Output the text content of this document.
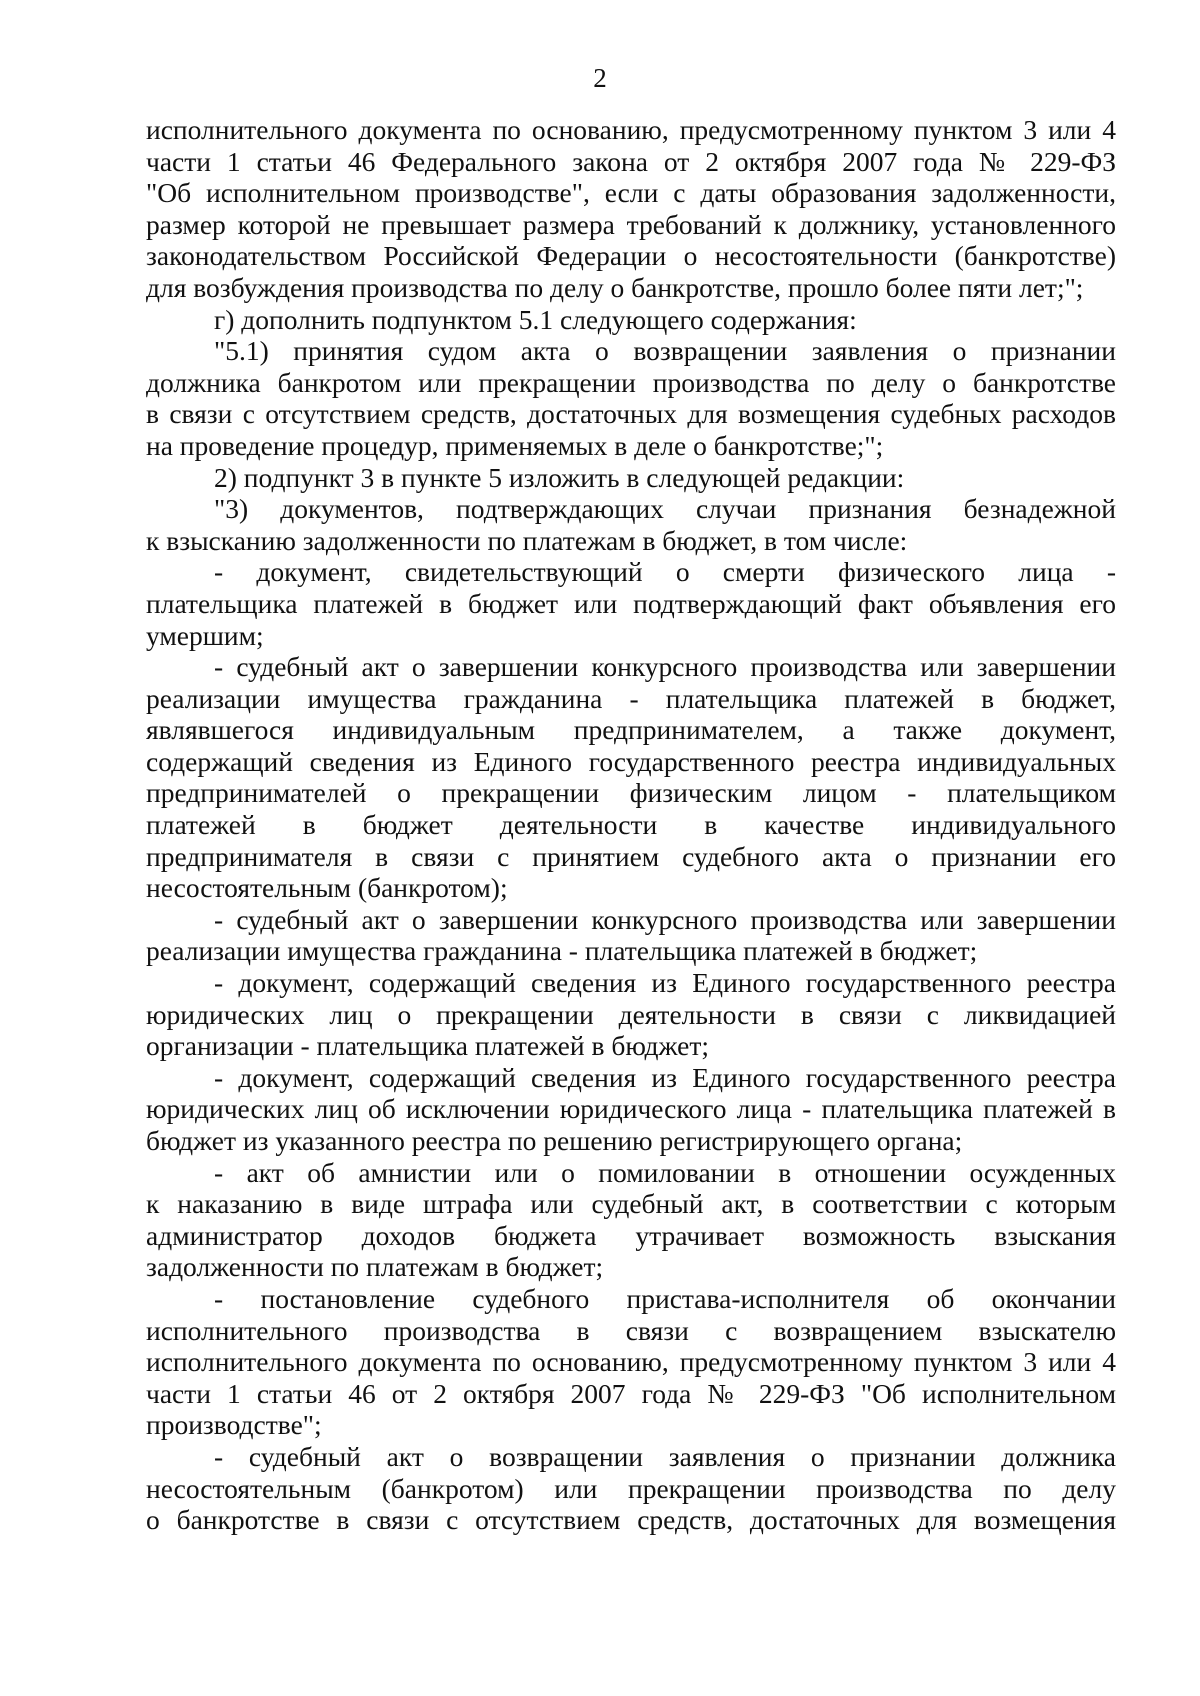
2
исполнительного документа по основанию, предусмотренному пунктом 3 или 4
части 1 статьи 46 Федерального закона от 2 октября 2007 года № 229-ФЗ
"Об исполнительном производстве", если с даты образования задолженности,
размер которой не превышает размера требований к должнику, установленного
законодательством Российской Федерации о несостоятельности (банкротстве)
для возбуждения производства по делу о банкротстве, прошло более пяти лет;";
г) дополнить подпунктом 5.1 следующего содержания:
"5.1) принятия судом акта о возвращении заявления о признании
должника банкротом или прекращении производства по делу о банкротстве
в связи с отсутствием средств, достаточных для возмещения судебных расходов
на проведение процедур, применяемых в деле о банкротстве;";
2) подпункт 3 в пункте 5 изложить в следующей редакции:
"3) документов, подтверждающих случаи признания безнадежной
к взысканию задолженности по платежам в бюджет, в том числе:
- документ, свидетельствующий о смерти физического лица -
плательщика платежей в бюджет или подтверждающий факт объявления его
умершим;
- судебный акт о завершении конкурсного производства или завершении
реализации имущества гражданина - плательщика платежей в бюджет,
являвшегося индивидуальным предпринимателем, а также документ,
содержащий сведения из Единого государственного реестра индивидуальных
предпринимателей о прекращении физическим лицом - плательщиком
платежей в бюджет деятельности в качестве индивидуального
предпринимателя в связи с принятием судебного акта о признании его
несостоятельным (банкротом);
- судебный акт о завершении конкурсного производства или завершении
реализации имущества гражданина - плательщика платежей в бюджет;
- документ, содержащий сведения из Единого государственного реестра
юридических лиц о прекращении деятельности в связи с ликвидацией
организации - плательщика платежей в бюджет;
- документ, содержащий сведения из Единого государственного реестра
юридических лиц об исключении юридического лица - плательщика платежей в
бюджет из указанного реестра по решению регистрирующего органа;
- акт об амнистии или о помиловании в отношении осужденных
к наказанию в виде штрафа или судебный акт, в соответствии с которым
администратор доходов бюджета утрачивает возможность взыскания
задолженности по платежам в бюджет;
- постановление судебного пристава-исполнителя об окончании
исполнительного производства в связи с возвращением взыскателю
исполнительного документа по основанию, предусмотренному пунктом 3 или 4
части 1 статьи 46 от 2 октября 2007 года № 229-ФЗ "Об исполнительном
производстве";
- судебный акт о возвращении заявления о признании должника
несостоятельным (банкротом) или прекращении производства по делу
о банкротстве в связи с отсутствием средств, достаточных для возмещения
